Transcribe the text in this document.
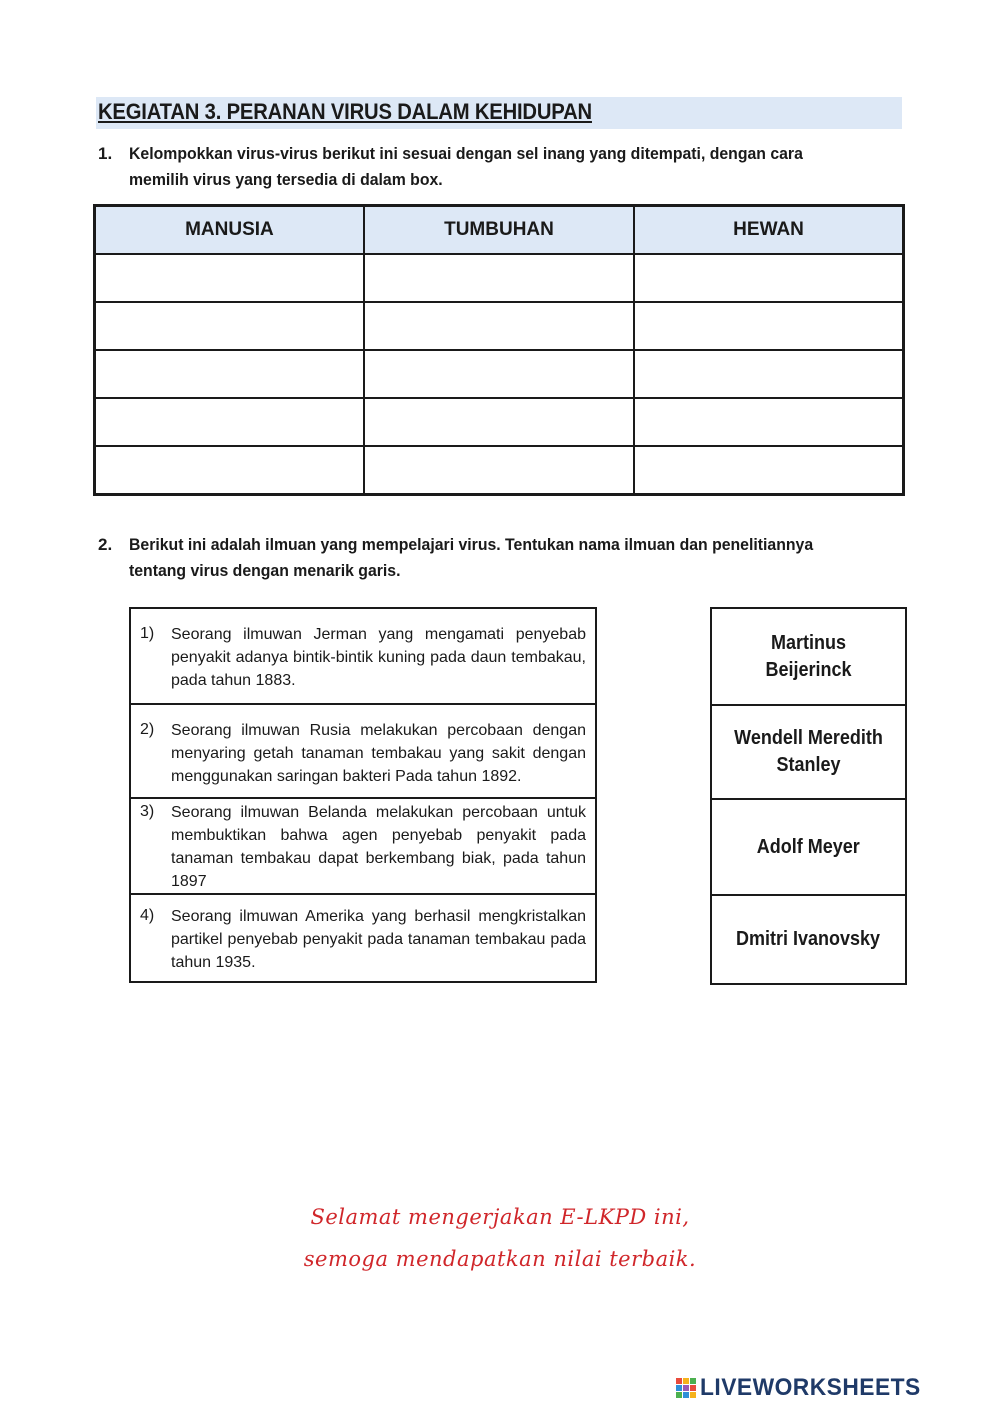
KEGIATAN 3. PERANAN VIRUS DALAM KEHIDUPAN
1. Kelompokkan virus-virus berikut ini sesuai dengan sel inang yang ditempati, dengan cara
memilih virus yang tersedia di dalam box.
MANUSIA	TUMBUHAN	HEWAN

2. Berikut ini adalah ilmuan yang mempelajari virus. Tentukan nama ilmuan dan penelitiannya
tentang virus dengan menarik garis.
1) Seorang ilmuwan Jerman yang mengamati penyebab penyakit adanya bintik-bintik kuning pada daun tembakau, pada tahun 1883.
2) Seorang ilmuwan Rusia melakukan percobaan dengan menyaring getah tanaman tembakau yang sakit dengan menggunakan saringan bakteri Pada tahun 1892.
3) Seorang ilmuwan Belanda melakukan percobaan untuk membuktikan bahwa agen penyebab penyakit pada tanaman tembakau dapat berkembang biak, pada tahun 1897
4) Seorang ilmuwan Amerika yang berhasil mengkristalkan partikel penyebab penyakit pada tanaman tembakau pada tahun 1935.
Martinus Beijerinck
Wendell Meredith Stanley
Adolf Meyer
Dmitri Ivanovsky
Selamat mengerjakan E-LKPD ini,
semoga mendapatkan nilai terbaik.
LIVEWORKSHEETS
